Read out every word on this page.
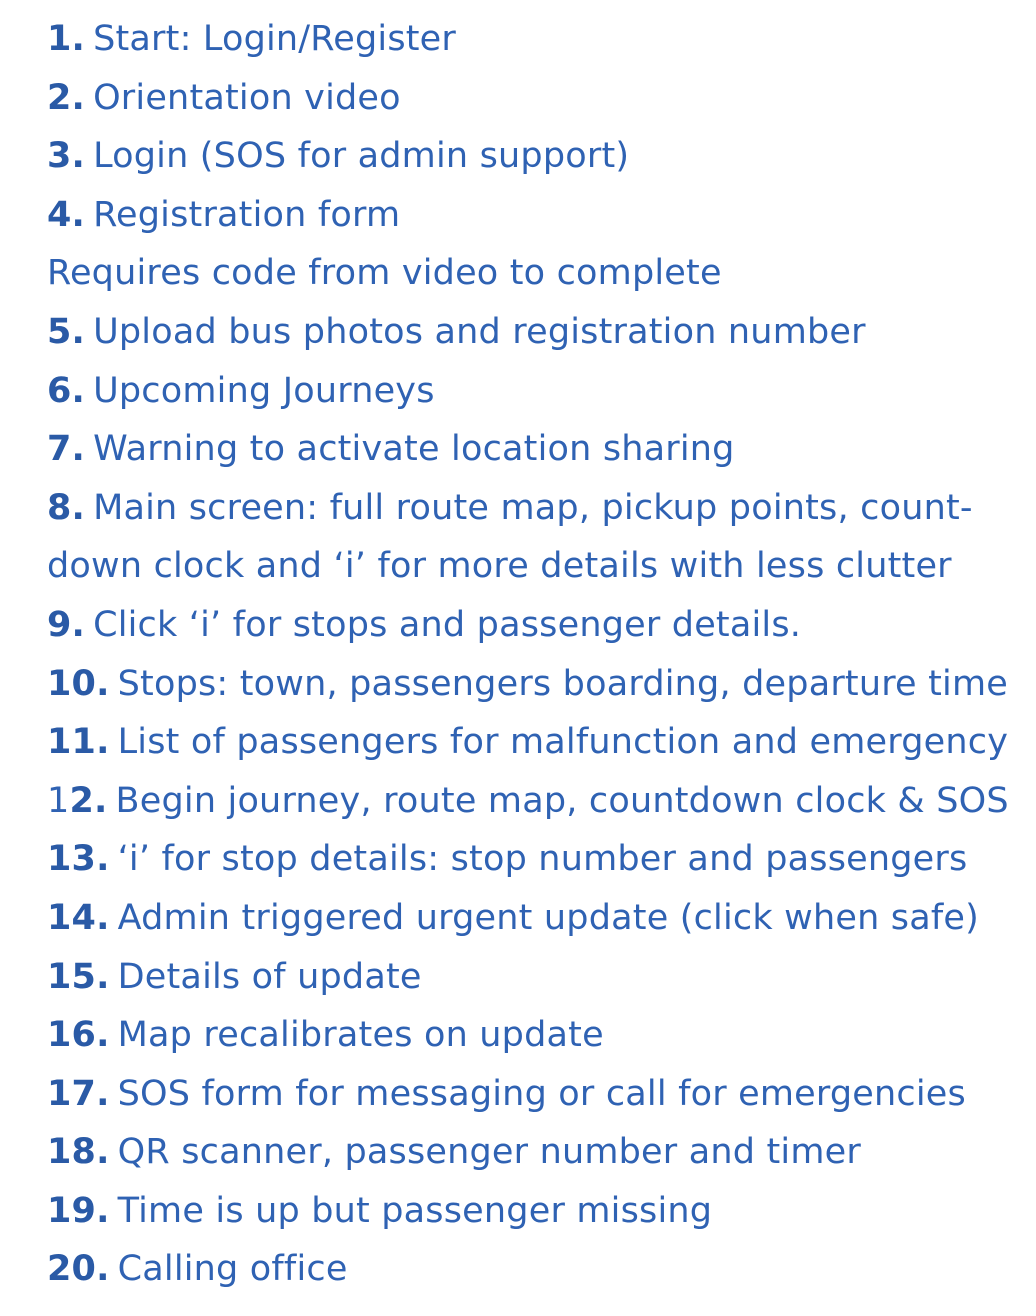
1. Start: Login/Register
2. Orientation video
3. Login (SOS for admin support)
4. Registration form
Requires code from video to complete
5. Upload bus photos and registration number
6. Upcoming Journeys
7. Warning to activate location sharing
8. Main screen: full route map, pickup points, count-
down clock and ‘i’ for more details with less clutter
9. Click ‘i’ for stops and passenger details.
10. Stops: town, passengers boarding, departure time
11. List of passengers for malfunction and emergency
12. Begin journey, route map, countdown clock & SOS
13. ‘i’ for stop details: stop number and passengers
14. Admin triggered urgent update (click when safe)
15. Details of update
16. Map recalibrates on update
17. SOS form for messaging or call for emergencies
18. QR scanner, passenger number and timer
19. Time is up but passenger missing
20. Calling office
